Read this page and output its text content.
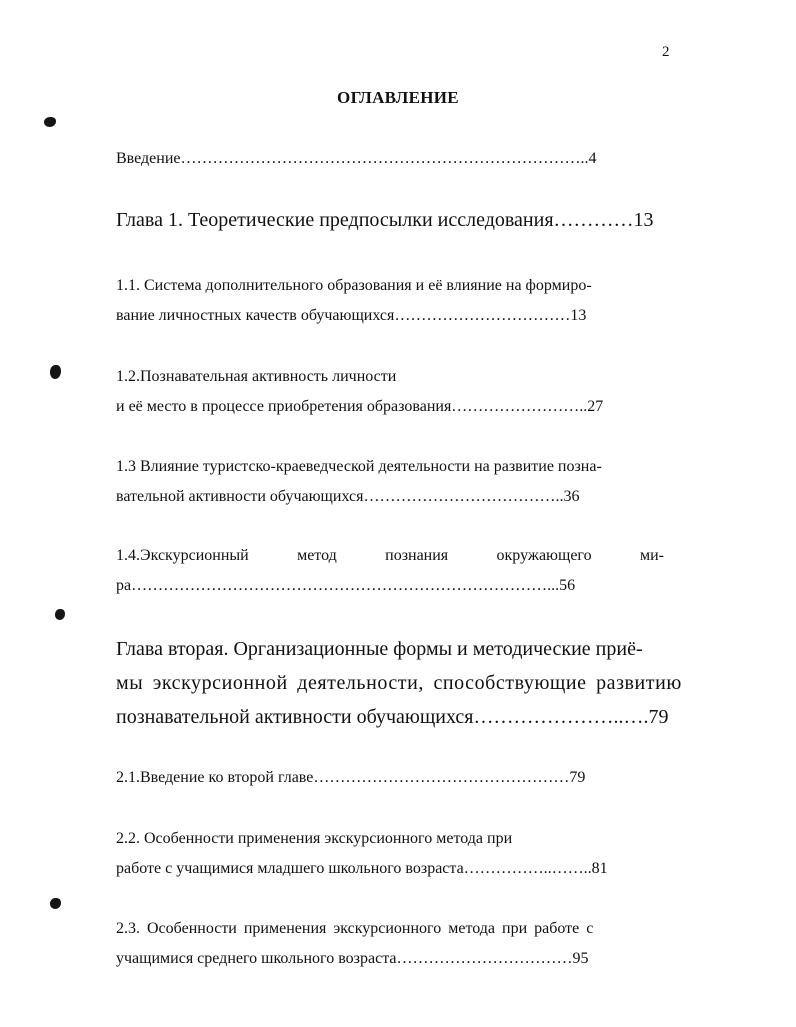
2
ОГЛАВЛЕНИЕ
Введение…………………………………………………………………..4
Глава 1. Теоретические предпосылки исследования…………13
1.1. Система дополнительного образования и её влияние на формиро-
вание личностных качеств обучающихся……………………………13
1.2.Познавательная активность личности
и её место в процессе приобретения образования……………………..27
1.3 Влияние туристско-краеведческой деятельности на развитие позна-
вательной активности обучающихся………………………………..36
1.4.Экскурсионный	метод	познания	окружающего	ми-
ра……………………………………………………………………...56
Глава вторая. Организационные формы и методические приё-
мы экскурсионной деятельности, способствующие развитию
познавательной активности обучающихся…………………..….79
2.1.Введение ко второй главе…………………………………………79
2.2. Особенности применения экскурсионного метода при
работе с учащимися младшего школьного возраста……………..……..81
2.3. Особенности применения экскурсионного метода при работе с
учащимися среднего школьного возраста……………………………95
